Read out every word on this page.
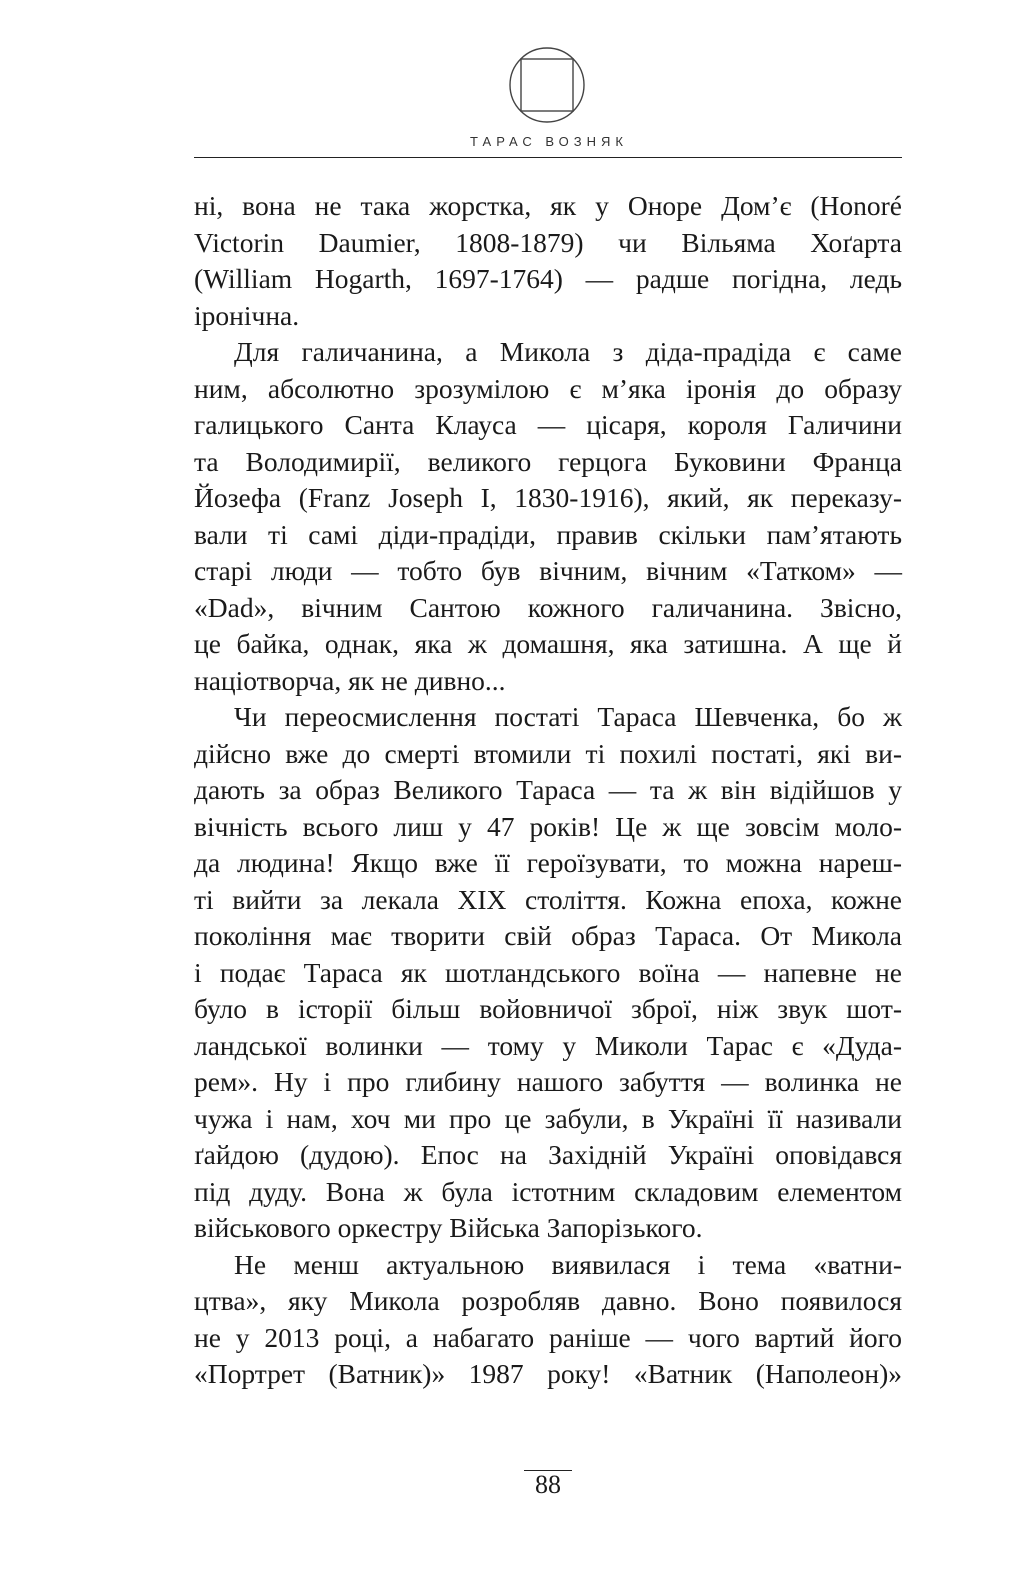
ТАРАС ВОЗНЯК
ні, вона не така жорстка, як у Оноре Дом’є (Honoré
Victorin Daumier, 1808-1879) чи Вільяма Хоґарта
(William Hogarth, 1697-1764) — радше погідна, ледь
іронічна.
Для галичанина, а Микола з діда-прадіда є саме
ним, абсолютно зрозумілою є м’яка іронія до образу
галицького Санта Клауса — цісаря, короля Галичини
та Володимирії, великого герцога Буковини Франца
Йозефа (Franz Joseph I, 1830-1916), який, як переказу-
вали ті самі діди-прадіди, правив скільки пам’ятають
старі люди — тобто був вічним, вічним «Татком» —
«Dad», вічним Сантою кожного галичанина. Звісно,
це байка, однак, яка ж домашня, яка затишна. А ще й
націотворча, як не дивно...
Чи переосмислення постаті Тараса Шевченка, бо ж
дійсно вже до смерті втомили ті похилі постаті, які ви-
дають за образ Великого Тараса — та ж він відійшов у
вічність всього лиш у 47 років! Це ж ще зовсім моло-
да людина! Якщо вже її героїзувати, то можна нареш-
ті вийти за лекала XIX століття. Кожна епоха, кожне
покоління має творити свій образ Тараса. От Микола
і подає Тараса як шотландського воїна — напевне не
було в історії більш войовничої зброї, ніж звук шот-
ландської волинки — тому у Миколи Тарас є «Дуда-
рем». Ну і про глибину нашого забуття — волинка не
чужа і нам, хоч ми про це забули, в Україні її називали
ґайдою (дудою). Епос на Західній Україні оповідався
під дуду. Вона ж була істотним складовим елементом
військового оркестру Війська Запорізького.
Не менш актуальною виявилася і тема «ватни-
цтва», яку Микола розробляв давно. Воно появилося
не у 2013 році, а набагато раніше — чого вартий його
«Портрет (Ватник)» 1987 року! «Ватник (Наполеон)»
88
